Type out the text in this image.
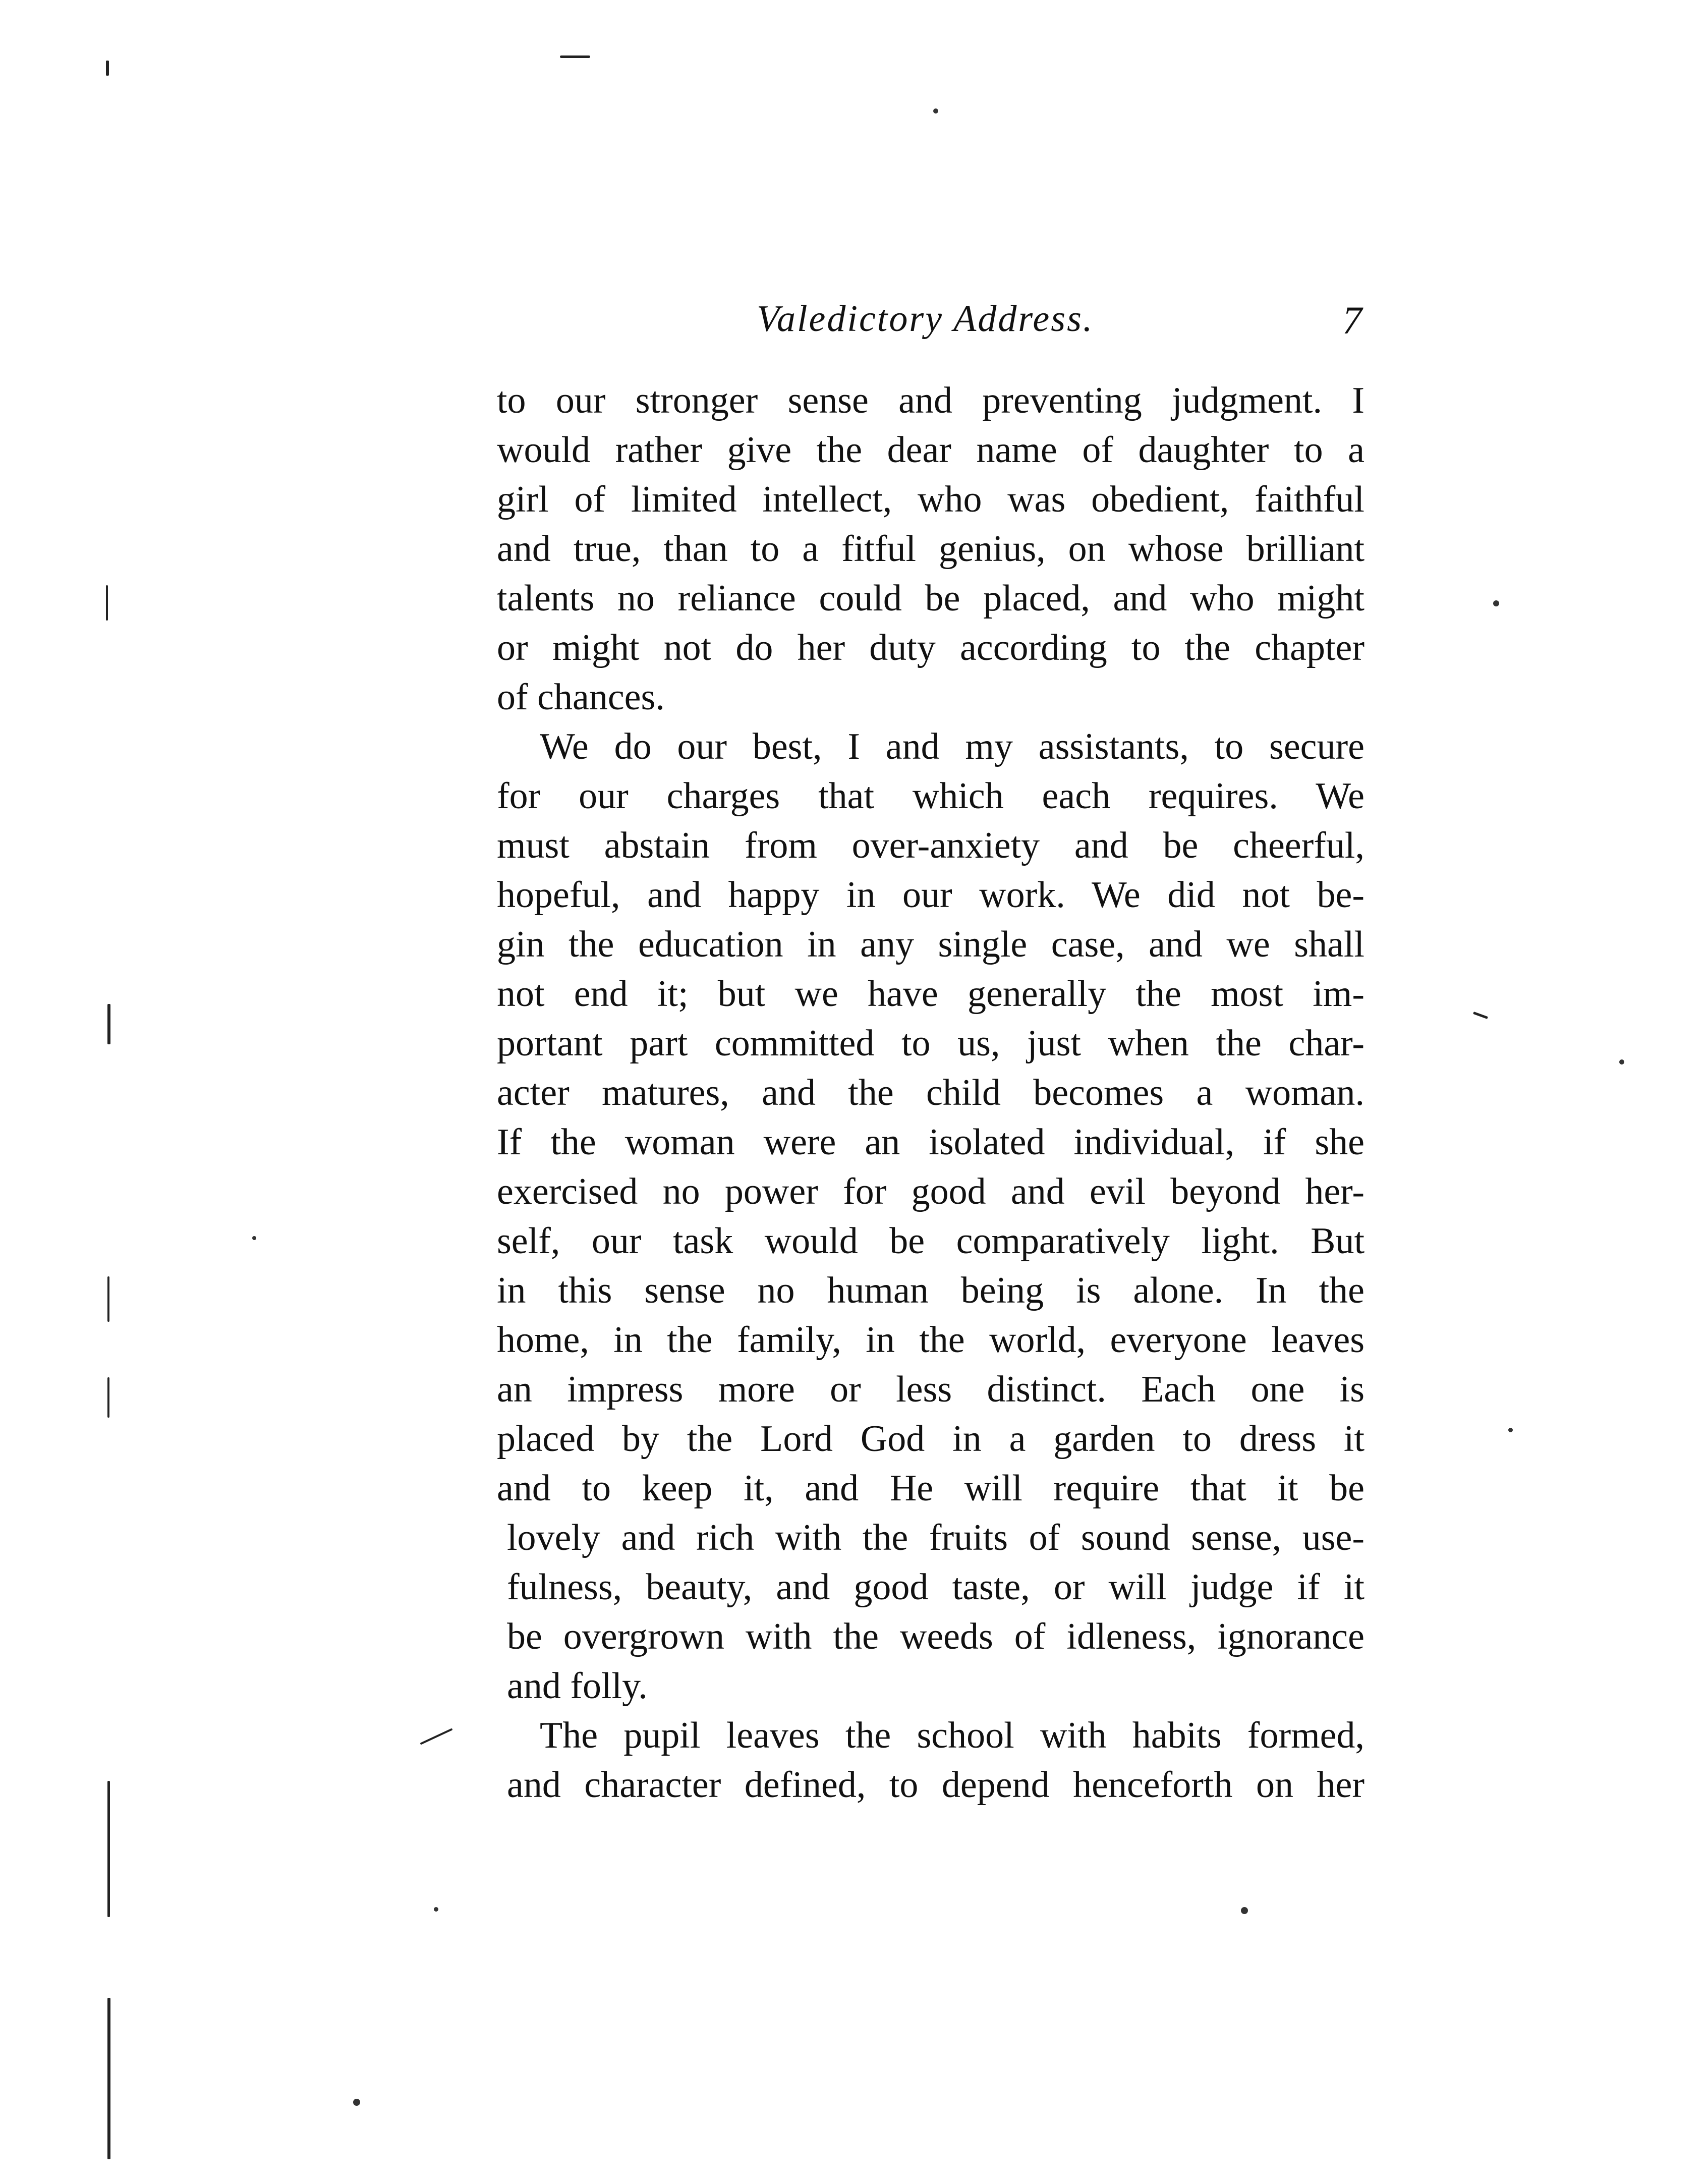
Valedictory Address.	7
to our stronger sense and preventing judgment. I
would rather give the dear name of daughter to a
girl of limited intellect, who was obedient, faithful
and true, than to a fitful genius, on whose brilliant
talents no reliance could be placed, and who might
or might not do her duty according to the chapter
of chances.
We do our best, I and my assistants, to secure
for our charges that which each requires. We
must abstain from over-anxiety and be cheerful,
hopeful, and happy in our work. We did not be-
gin the education in any single case, and we shall
not end it; but we have generally the most im-
portant part committed to us, just when the char-
acter matures, and the child becomes a woman.
If the woman were an isolated individual, if she
exercised no power for good and evil beyond her-
self, our task would be comparatively light. But
in this sense no human being is alone. In the
home, in the family, in the world, everyone leaves
an impress more or less distinct. Each one is
placed by the Lord God in a garden to dress it
and to keep it, and He will require that it be
lovely and rich with the fruits of sound sense, use-
fulness, beauty, and good taste, or will judge if it
be overgrown with the weeds of idleness, ignorance
and folly.
The pupil leaves the school with habits formed,
and character defined, to depend henceforth on her
